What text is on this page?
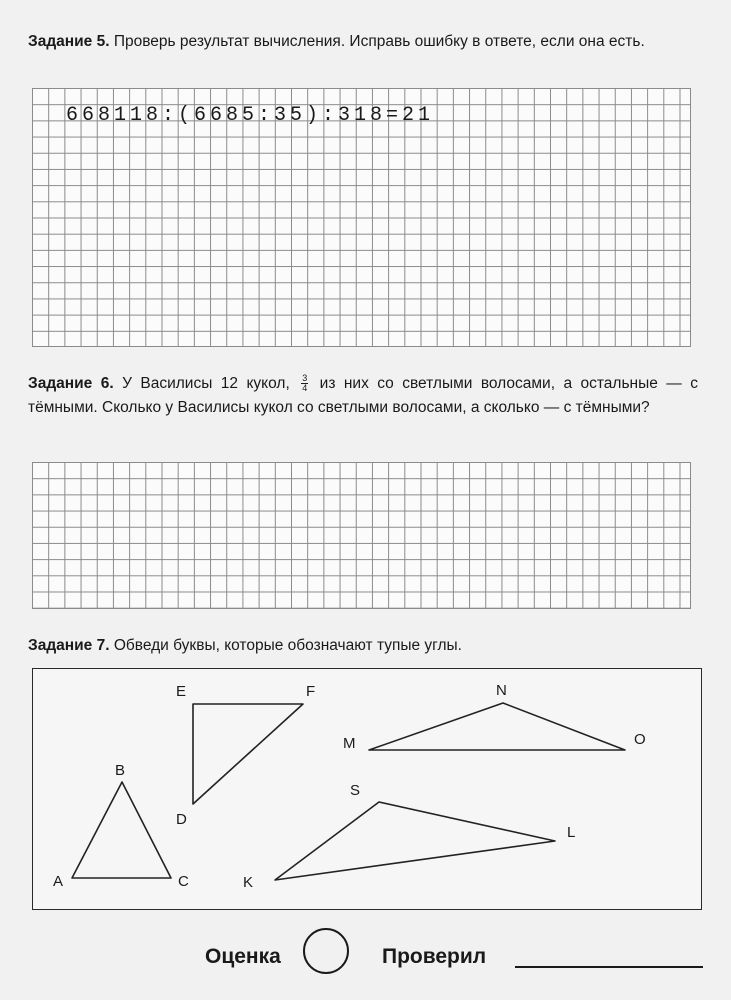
Задание 5. Проверь результат вычисления. Исправь ошибку в ответе, если она есть.
668118:(6685:35):318=21
Задание 6. У Василисы 12 кукол, $\frac{3}{4}$ из них со светлыми волосами, а остальные — с тёмными. Сколько у Василисы кукол со светлыми волосами, а сколько — с тёмными?
Задание 7. Обведи буквы, которые обозначают тупые углы.
A
B
C
D
E	F
M
N
O
K
S
L
Оценка	Проверил
